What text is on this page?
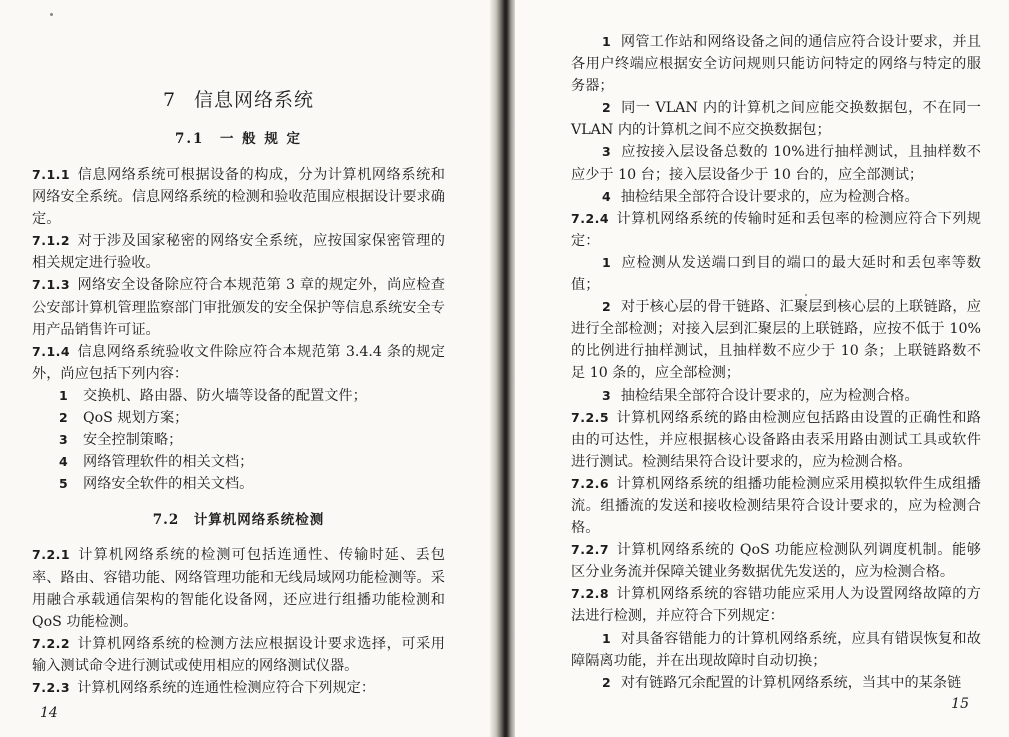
7 信息网络系统
7.1　一 般 规 定

7.1.1 信息网络系统可根据设备的构成，分为计算机网络系统和网络安全系统。信息网络系统的检测和验收范围应根据设计要求确定。

7.1.2 对于涉及国家秘密的网络安全系统，应按国家保密管理的相关规定进行验收。

7.1.3 网络安全设备除应符合本规范第 3 章的规定外，尚应检查公安部计算机管理监察部门审批颁发的安全保护等信息系统安全专用产品销售许可证。

7.1.4 信息网络系统验收文件除应符合本规范第 3.4.4 条的规定外，尚应包括下列内容：

1 交换机、路由器、防火墙等设备的配置文件；

2 QoS 规划方案；

3 安全控制策略；

4 网络管理软件的相关文档；

5 网络安全软件的相关文档。

7.2　计算机网络系统检测

7.2.1 计算机网络系统的检测可包括连通性、传输时延、丢包率、路由、容错功能、网络管理功能和无线局域网功能检测等。采用融合承载通信架构的智能化设备网，还应进行组播功能检测和 QoS 功能检测。

7.2.2 计算机网络系统的检测方法应根据设计要求选择，可采用输入测试命令进行测试或使用相应的网络测试仪器。

7.2.3 计算机网络系统的连通性检测应符合下列规定：

14

1 网管工作站和网络设备之间的通信应符合设计要求，并且各用户终端应根据安全访问规则只能访问特定的网络与特定的服务器；

2 同一 VLAN 内的计算机之间应能交换数据包，不在同一 VLAN 内的计算机之间不应交换数据包；

3 应按接入层设备总数的 10%进行抽样测试，且抽样数不应少于 10 台；接入层设备少于 10 台的，应全部测试；

4 抽检结果全部符合设计要求的，应为检测合格。

7.2.4 计算机网络系统的传输时延和丢包率的检测应符合下列规定：

1 应检测从发送端口到目的端口的最大延时和丢包率等数值；

2 对于核心层的骨干链路、汇聚层到核心层的上联链路，应进行全部检测；对接入层到汇聚层的上联链路，应按不低于 10%的比例进行抽样测试，且抽样数不应少于 10 条；上联链路数不足 10 条的，应全部检测；

3 抽检结果全部符合设计要求的，应为检测合格。

7.2.5 计算机网络系统的路由检测应包括路由设置的正确性和路由的可达性，并应根据核心设备路由表采用路由测试工具或软件进行测试。检测结果符合设计要求的，应为检测合格。

7.2.6 计算机网络系统的组播功能检测应采用模拟软件生成组播流。组播流的发送和接收检测结果符合设计要求的，应为检测合格。

7.2.7 计算机网络系统的 QoS 功能应检测队列调度机制。能够区分业务流并保障关键业务数据优先发送的，应为检测合格。

7.2.8 计算机网络系统的容错功能应采用人为设置网络故障的方法进行检测，并应符合下列规定：

1 对具备容错能力的计算机网络系统，应具有错误恢复和故障隔离功能，并在出现故障时自动切换；

2 对有链路冗余配置的计算机网络系统，当其中的某条链

15
